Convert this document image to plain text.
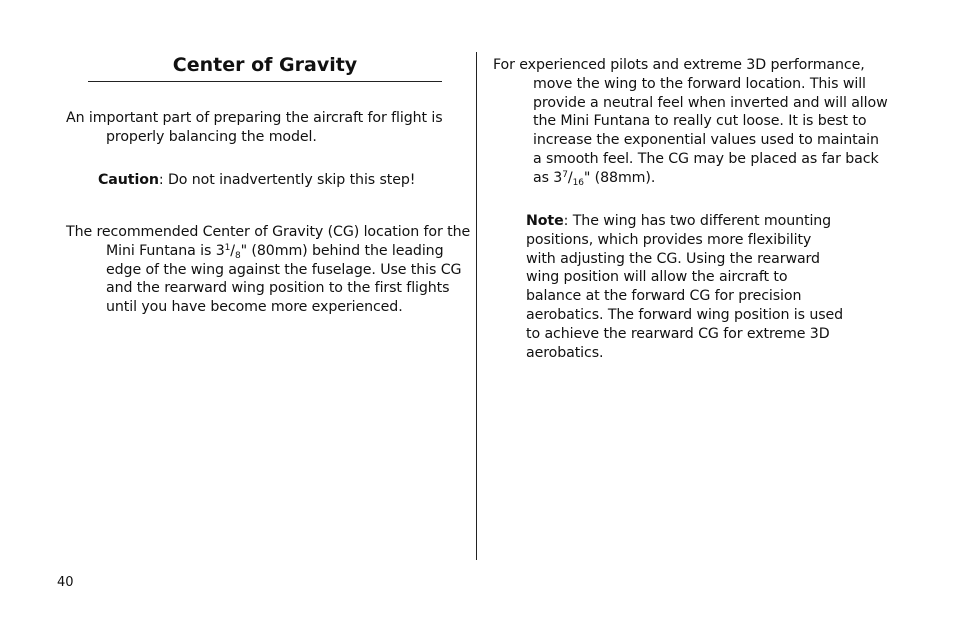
Center of Gravity

An important part of preparing the aircraft for flight is properly balancing the model.

Caution: Do not inadvertently skip this step!

The recommended Center of Gravity (CG) location for the Mini Funtana is $3^1/_8$" (80mm) behind the leading edge of the wing against the fuselage. Use this CG and the rearward wing position to the first flights until you have become more experienced.

For experienced pilots and extreme 3D performance, move the wing to the forward location. This will provide a neutral feel when inverted and will allow the Mini Funtana to really cut loose. It is best to increase the exponential values used to maintain a smooth feel. The CG may be placed as far back as $3^7/_{16}$" (88mm).

Note: The wing has two different mounting positions, which provides more flexibility with adjusting the CG. Using the rearward wing position will allow the aircraft to balance at the forward CG for precision aerobatics. The forward wing position is used to achieve the rearward CG for extreme 3D aerobatics.

40
